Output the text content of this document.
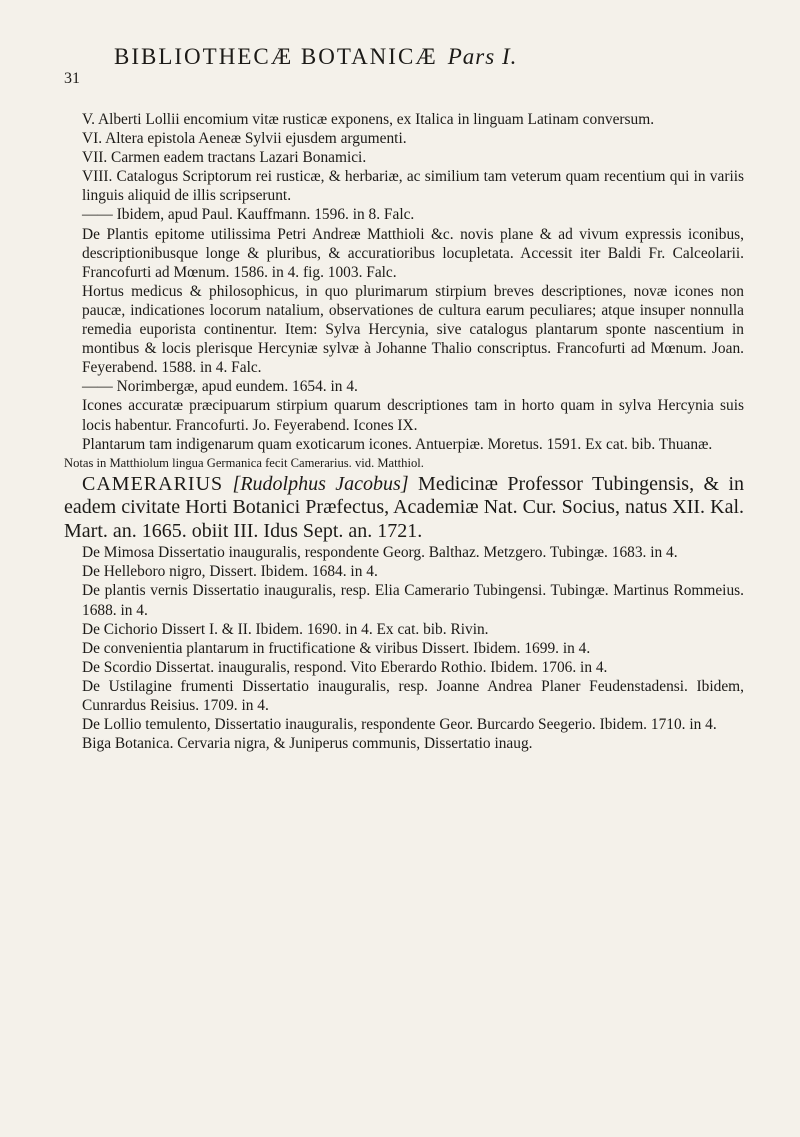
BIBLIOTHECÆ BOTANICÆ Pars I.
31

V. Alberti Lollii encomium vitæ rusticæ exponens, ex Italica in linguam Latinam conversum.

VI. Altera epistola Aeneæ Sylvii ejusdem argumenti.

VII. Carmen eadem tractans Lazari Bonamici.

VIII. Catalogus Scriptorum rei rusticæ, & herbariæ, ac similium tam veterum quam recentium qui in variis linguis aliquid de illis scripserunt.

—— Ibidem, apud Paul. Kauffmann. 1596. in 8. Falc.

De Plantis epitome utilissima Petri Andreæ Matthioli &c. novis plane & ad vivum expressis iconibus, descriptionibusque longe & pluribus, & accuratioribus locupletata. Accessit iter Baldi Fr. Calceolarii. Francofurti ad Mœnum. 1586. in 4. fig. 1003. Falc.

Hortus medicus & philosophicus, in quo plurimarum stirpium breves descriptiones, novæ icones non paucæ, indicationes locorum natalium, observationes de cultura earum peculiares; atque insuper nonnulla remedia euporista continentur. Item: Sylva Hercynia, sive catalogus plantarum sponte nascentium in montibus & locis plerisque Hercyniæ sylvæ à Johanne Thalio conscriptus. Francofurti ad Mœnum. Joan. Feyerabend. 1588. in 4. Falc.

—— Norimbergæ, apud eundem. 1654. in 4.

Icones accuratæ præcipuarum stirpium quarum descriptiones tam in horto quam in sylva Hercynia suis locis habentur. Francofurti. Jo. Feyerabend. Icones IX.

Plantarum tam indigenarum quam exoticarum icones. Antuerpiæ. Moretus. 1591. Ex cat. bib. Thuanæ.

Notas in Matthiolum lingua Germanica fecit Camerarius. vid. Matthiol.

CAMERARIUS [Rudolphus Jacobus] Medicinæ Professor Tubingensis, & in eadem civitate Horti Botanici Præfectus, Academiæ Nat. Cur. Socius, natus XII. Kal. Mart. an. 1665. obiit III. Idus Sept. an. 1721.

De Mimosa Dissertatio inauguralis, respondente Georg. Balthaz. Metzgero. Tubingæ. 1683. in 4.

De Helleboro nigro, Dissert. Ibidem. 1684. in 4.

De plantis vernis Dissertatio inauguralis, resp. Elia Camerario Tubingensi. Tubingæ. Martinus Rommeius. 1688. in 4.

De Cichorio Dissert I. & II. Ibidem. 1690. in 4. Ex cat. bib. Rivin.

De convenientia plantarum in fructificatione & viribus Dissert. Ibidem. 1699. in 4.

De Scordio Dissertat. inauguralis, respond. Vito Eberardo Rothio. Ibidem. 1706. in 4.

De Ustilagine frumenti Dissertatio inauguralis, resp. Joanne Andrea Planer Feudenstadensi. Ibidem, Cunrardus Reisius. 1709. in 4.

De Lollio temulento, Dissertatio inauguralis, respondente Geor. Burcardo Seegerio. Ibidem. 1710. in 4.

Biga Botanica. Cervaria nigra, & Juniperus communis, Dissertatio inaug.
